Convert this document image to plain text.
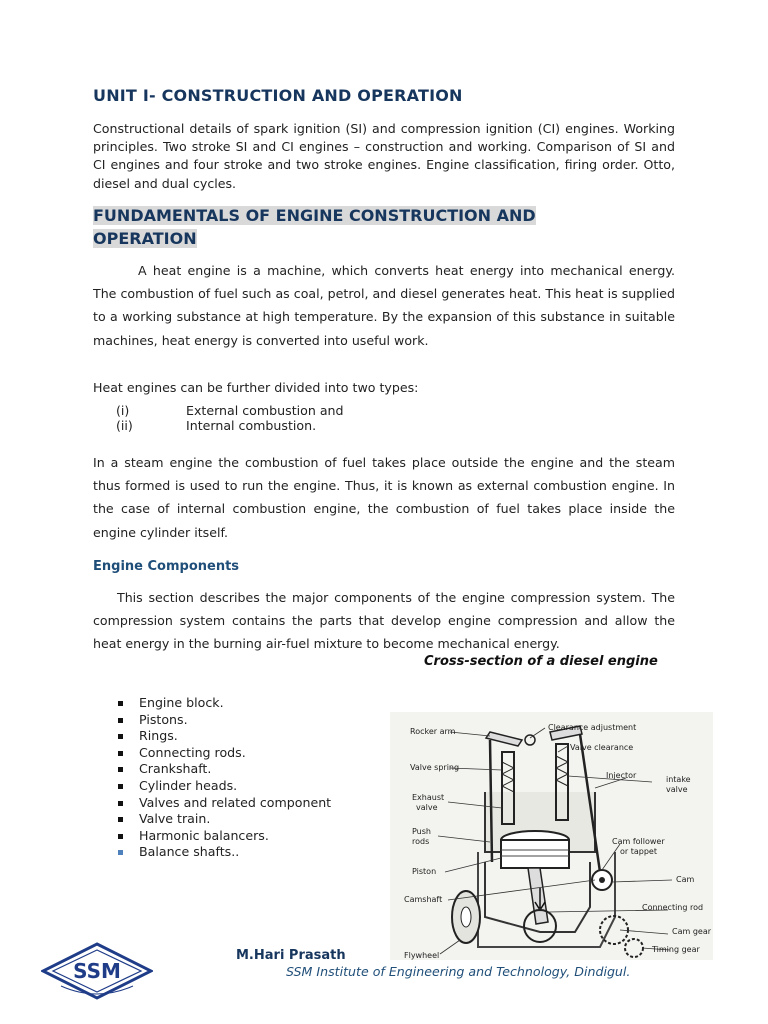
UNIT I- CONSTRUCTION AND OPERATION

Constructional details of spark ignition (SI) and compression ignition (CI) engines. Working principles. Two stroke SI and CI engines – construction and working. Comparison of SI and CI engines and four stroke and two stroke engines. Engine classification, firing order. Otto, diesel and dual cycles.

FUNDAMENTALS OF ENGINE CONSTRUCTION AND
OPERATION

A heat engine is a machine, which converts heat energy into mechanical energy. The combustion of fuel such as coal, petrol, and diesel generates heat. This heat is supplied to a working substance at high temperature. By the expansion of this substance in suitable machines, heat energy is converted into useful work.

Heat engines can be further divided into two types:

(i)	External combustion and
(ii)	Internal combustion.

In a steam engine the combustion of fuel takes place outside the engine and the steam thus formed is used to run the engine. Thus, it is known as external combustion engine. In the case of internal combustion engine, the combustion of fuel takes place inside the engine cylinder itself.

Engine Components

This section describes the major components of the engine compression system. The compression system contains the parts that develop engine compression and allow the heat energy in the burning air-fuel mixture to become mechanical energy.

Cross-section of a diesel engine
Engine block.
Pistons.
Rings.
Connecting rods.
Crankshaft.
Cylinder heads.
Valves and related component
Valve train.
Harmonic balancers.
Balance shafts..
Rocker arm	Clearance adjustment
Valve clearance
Valve spring
Injector	intake
valve
Exhaust
valve
Push
rods	Cam follower
or tappet
Piston
Cam
Camshaft
Connecting rod
Cam gear
Flywheel
Timing gear
SSM
M.Hari Prasath
SSM Institute of Engineering and Technology, Dindigul.
